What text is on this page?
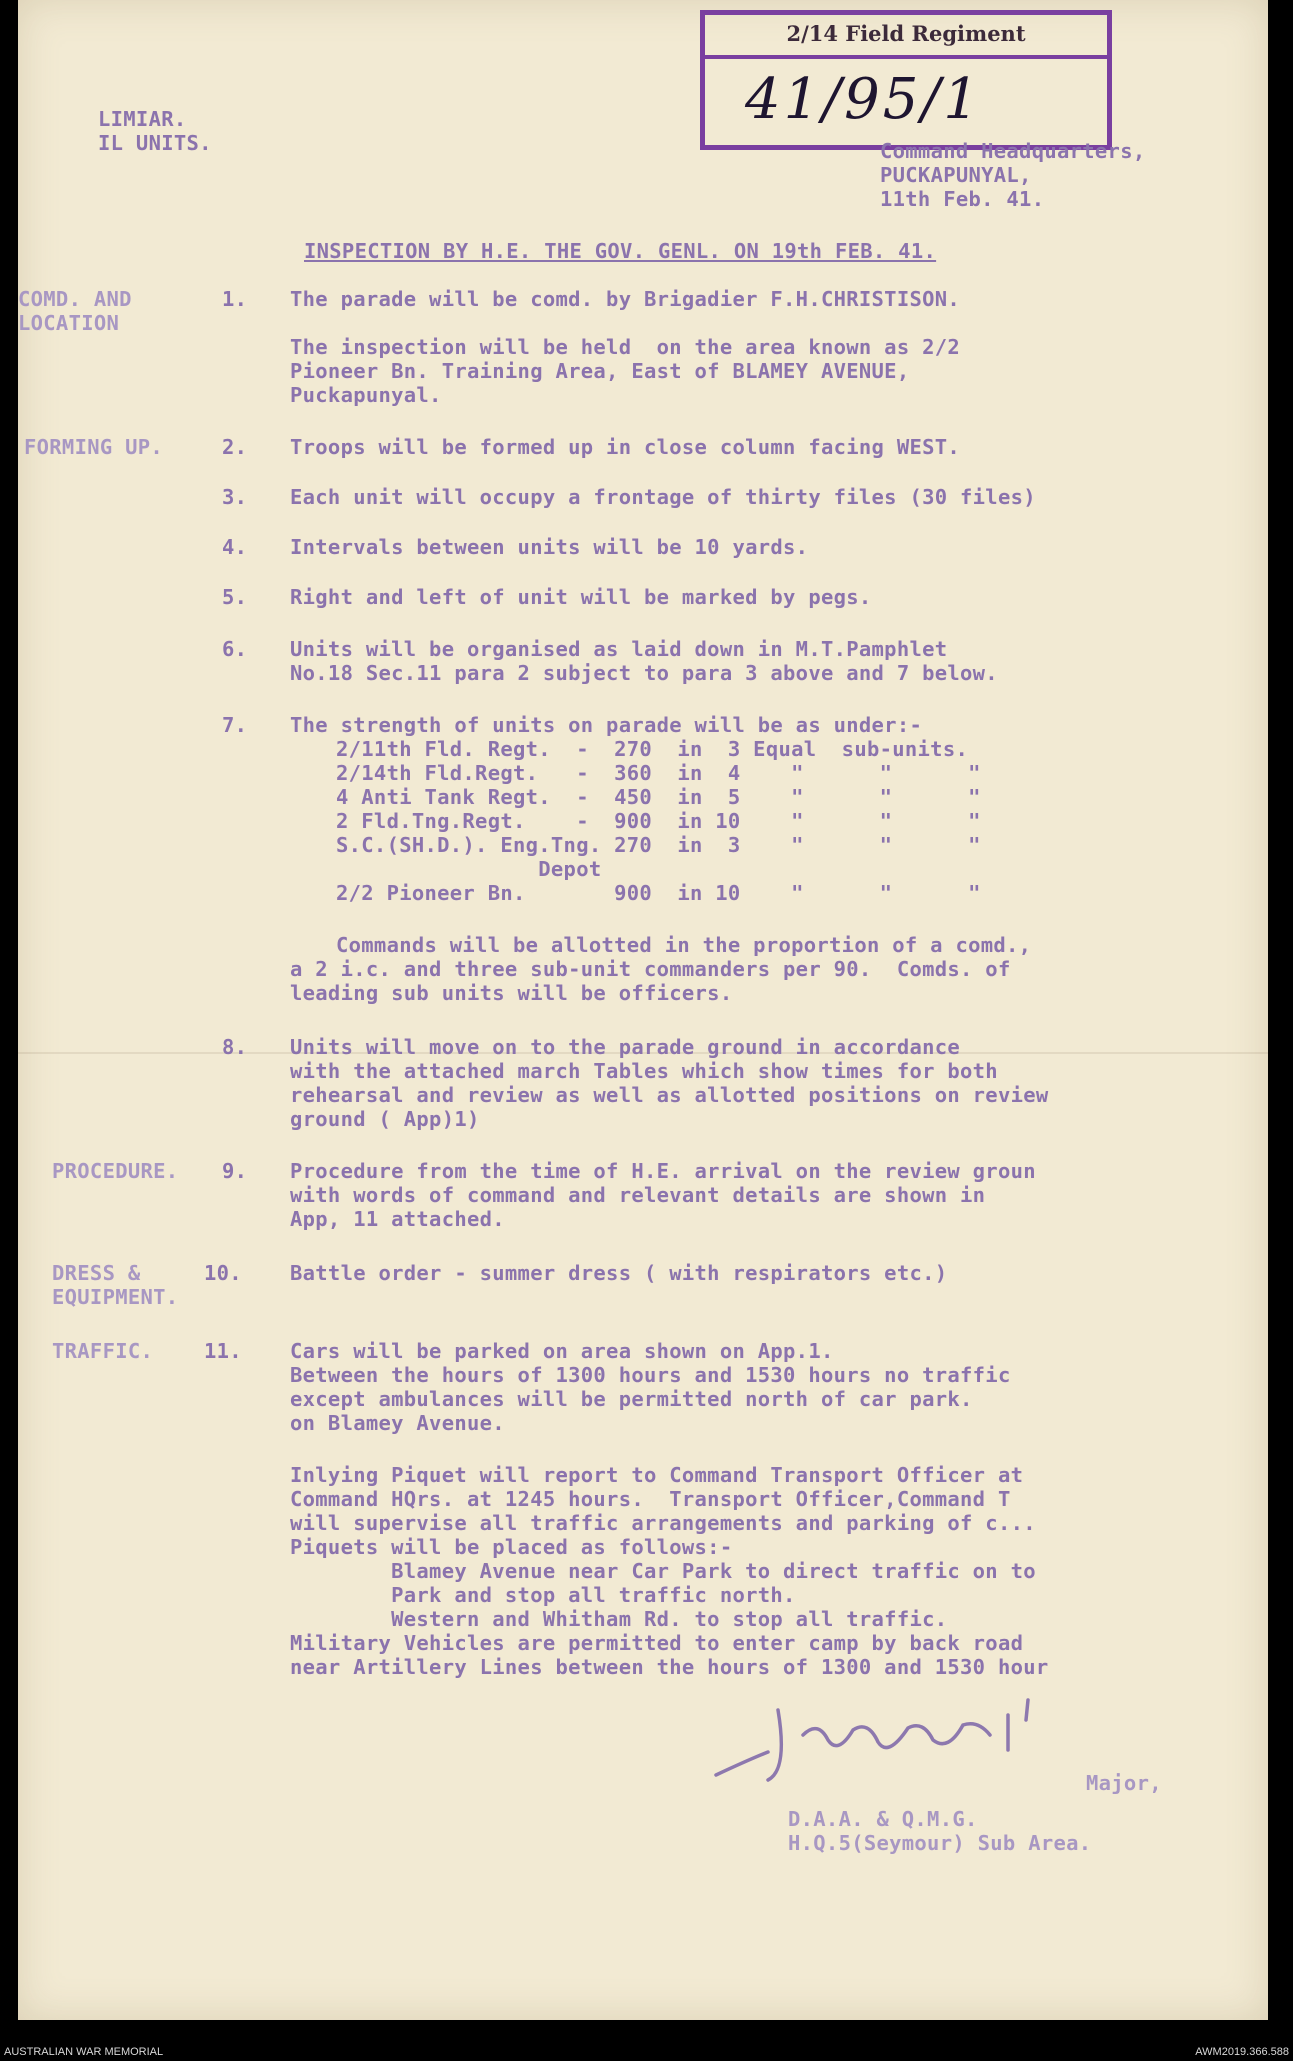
2/14 Field Regiment
41/95/1
LIMIAR.
IL UNITS.	Command Headquarters,
PUCKAPUNYAL,
11th Feb. 41.
INSPECTION BY H.E. THE GOV. GENL. ON 19th FEB. 41.
COMD. AND
LOCATION
1. The parade will be comd. by Brigadier F.H.CHRISTISON.
The inspection will be held  on the area known as 2/2
Pioneer Bn. Training Area, East of BLAMEY AVENUE,
Puckapunyal.
FORMING UP.	2. Troops will be formed up in close column facing WEST.
3. Each unit will occupy a frontage of thirty files (30 files)
4. Intervals between units will be 10 yards.
5. Right and left of unit will be marked by pegs.
6. Units will be organised as laid down in M.T.Pamphlet
No.18 Sec.11 para 2 subject to para 3 above and 7 below.
7. The strength of units on parade will be as under:-
2/11th Fld. Regt.  -  270  in  3 Equal  sub-units.
2/14th Fld.Regt.   -  360  in  4    "      "      "
4 Anti Tank Regt.  -  450  in  5    "      "      "
2 Fld.Tng.Regt.    -  900  in 10    "      "      "
S.C.(SH.D.). Eng.Tng. 270  in  3    "      "      "
Depot
2/2 Pioneer Bn.       900  in 10    "      "      "
Commands will be allotted in the proportion of a comd.,
a 2 i.c. and three sub-unit commanders per 90.  Comds. of
leading sub units will be officers.
8. Units will move on to the parade ground in accordance
with the attached march Tables which show times for both
rehearsal and review as well as allotted positions on review
ground ( App)1)
PROCEDURE. 9. Procedure from the time of H.E. arrival on the review groun
with words of command and relevant details are shown in
App, 11 attached.
DRESS &
EQUIPMENT.
10. Battle order - summer dress ( with respirators etc.)
TRAFFIC. 11. Cars will be parked on area shown on App.1.
Between the hours of 1300 hours and 1530 hours no traffic
except ambulances will be permitted north of car park.
on Blamey Avenue.
Inlying Piquet will report to Command Transport Officer at
Command HQrs. at 1245 hours.  Transport Officer,Command T
will supervise all traffic arrangements and parking of c...
Piquets will be placed as follows:-
Blamey Avenue near Car Park to direct traffic on to
Park and stop all traffic north.
Western and Whitham Rd. to stop all traffic.
Military Vehicles are permitted to enter camp by back road
near Artillery Lines between the hours of 1300 and 1530 hour
Major,
D.A.A. & Q.M.G.
H.Q.5(Seymour) Sub Area.
AUSTRALIAN WAR MEMORIAL	AWM2019.366.588
